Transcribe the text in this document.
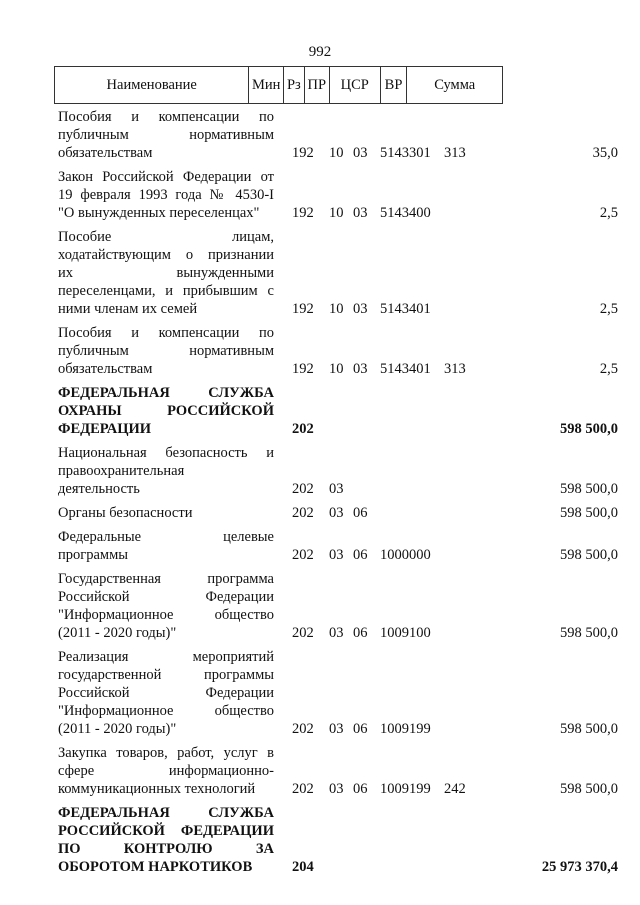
992
Наименование	Мин Рз ПР	ЦСР	ВР	Сумма
Пособия и компенсации по
публичным нормативным
обязательствам	192 10 03 5143301 313	35,0
Закон Российской Федерации от
19 февраля 1993 года № 4530-I
"О вынужденных переселенцах"	192 10 03 5143400	2,5
Пособие лицам,
ходатайствующим о признании
их вынужденными
переселенцами, и прибывшим с
ними членам их семей	192 10 03 5143401	2,5
Пособия и компенсации по
публичным нормативным
обязательствам	192 10 03 5143401 313	2,5
ФЕДЕРАЛЬНАЯ СЛУЖБА
ОХРАНЫ РОССИЙСКОЙ
ФЕДЕРАЦИИ	202	598 500,0
Национальная безопасность и
правоохранительная
деятельность	202 03	598 500,0
Органы безопасности	202 03 06	598 500,0
Федеральные целевые
программы	202 03 06 1000000	598 500,0
Государственная программа
Российской Федерации
"Информационное общество
(2011 - 2020 годы)"	202 03 06 1009100	598 500,0
Реализация мероприятий
государственной программы
Российской Федерации
"Информационное общество
(2011 - 2020 годы)"	202 03 06 1009199	598 500,0
Закупка товаров, работ, услуг в
сфере информационно-
коммуникационных технологий	202 03 06 1009199 242	598 500,0
ФЕДЕРАЛЬНАЯ СЛУЖБА
РОССИЙСКОЙ ФЕДЕРАЦИИ
ПО КОНТРОЛЮ ЗА
ОБОРОТОМ НАРКОТИКОВ	204	25 973 370,4
